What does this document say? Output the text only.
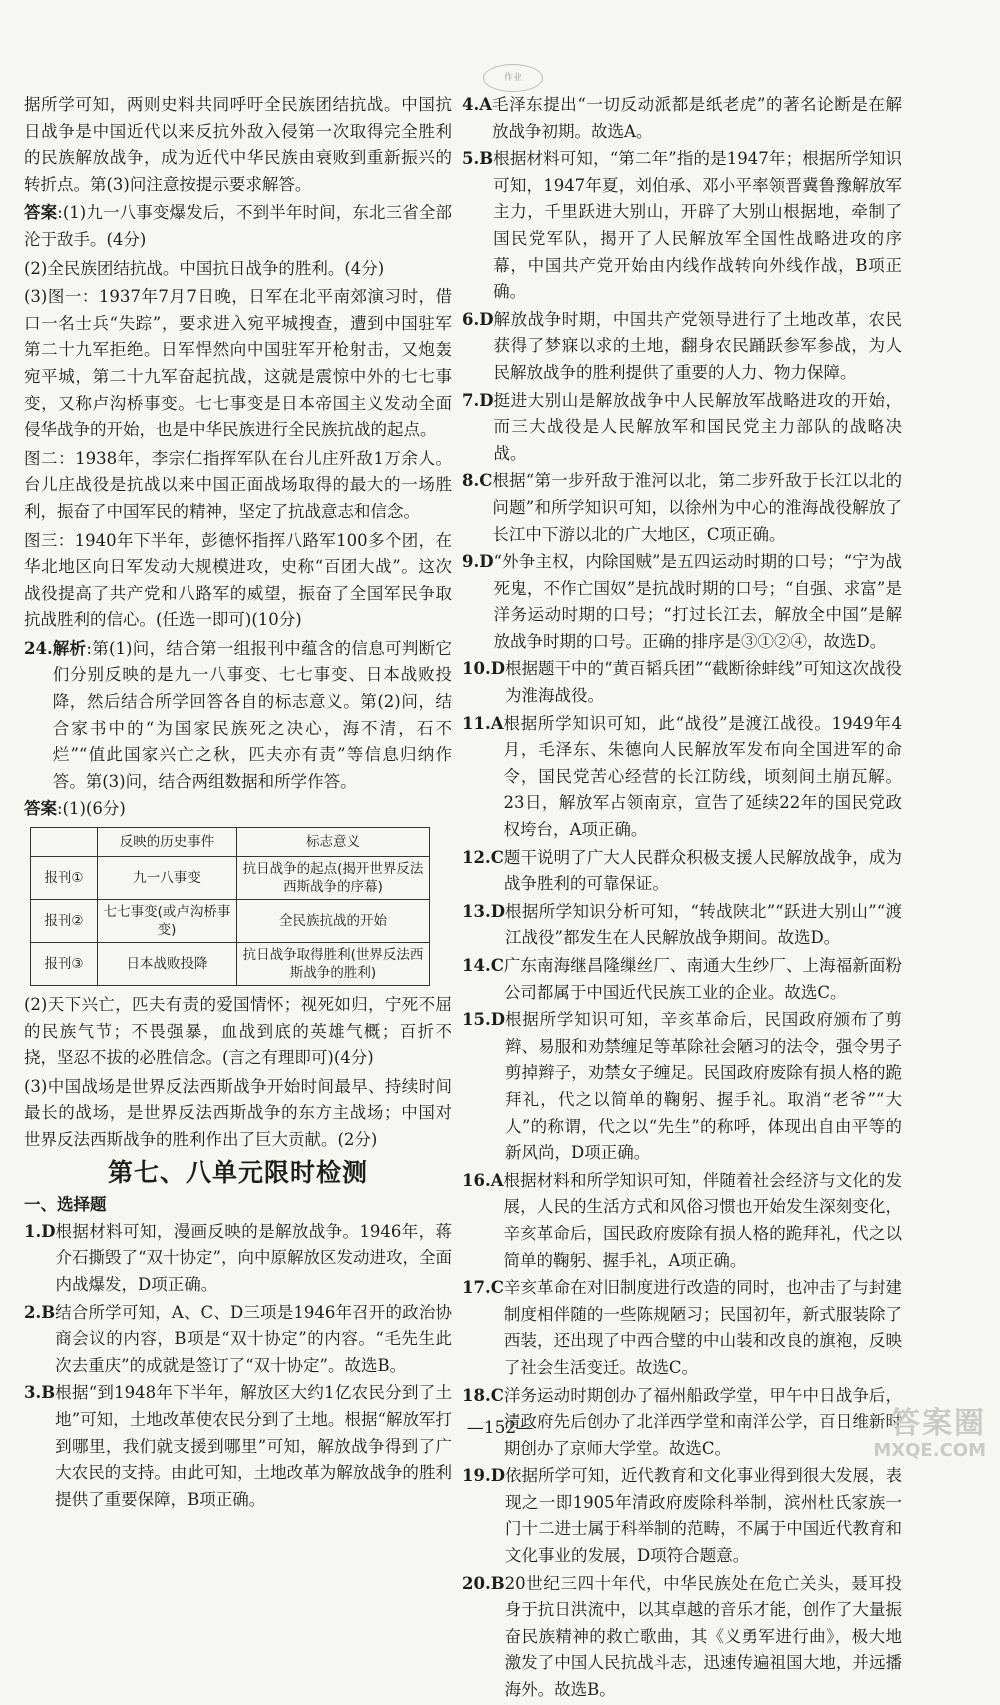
作业

据所学可知，两则史料共同呼吁全民族团结抗战。中国抗日战争是中国近代以来反抗外敌入侵第一次取得完全胜利的民族解放战争，成为近代中华民族由衰败到重新振兴的转折点。第(3)问注意按提示要求解答。

答案:(1)九一八事变爆发后，不到半年时间，东北三省全部沦于敌手。(4分)

(2)全民族团结抗战。中国抗日战争的胜利。(4分)

(3)图一：1937年7月7日晚，日军在北平南郊演习时，借口一名士兵“失踪”，要求进入宛平城搜查，遭到中国驻军第二十九军拒绝。日军悍然向中国驻军开枪射击，又炮轰宛平城，第二十九军奋起抗战，这就是震惊中外的七七事变，又称卢沟桥事变。七七事变是日本帝国主义发动全面侵华战争的开始，也是中华民族进行全民族抗战的起点。

图二：1938年，李宗仁指挥军队在台儿庄歼敌1万余人。台儿庄战役是抗战以来中国正面战场取得的最大的一场胜利，振奋了中国军民的精神，坚定了抗战意志和信念。

图三：1940年下半年，彭德怀指挥八路军100多个团，在华北地区向日军发动大规模进攻，史称“百团大战”。这次战役提高了共产党和八路军的威望，振奋了全国军民争取抗战胜利的信心。(任选一即可)(10分)

24. 解析:第(1)问，结合第一组报刊中蕴含的信息可判断它们分别反映的是九一八事变、七七事变、日本战败投降，然后结合所学回答各自的标志意义。第(2)问，结合家书中的“为国家民族死之决心，海不清，石不烂”“值此国家兴亡之秋，匹夫亦有责”等信息归纳作答。第(3)问，结合两组数据和所学作答。

答案:(1)(6分)

	反映的历史事件	标志意义
报刊①	九一八事变	抗日战争的起点(揭开世界反法西斯战争的序幕)
报刊②	七七事变(或卢沟桥事变)	全民族抗战的开始
报刊③	日本战败投降	抗日战争取得胜利(世界反法西斯战争的胜利)

(2)天下兴亡，匹夫有责的爱国情怀；视死如归，宁死不屈的民族气节；不畏强暴，血战到底的英雄气概；百折不挠，坚忍不拔的必胜信念。(言之有理即可)(4分)

(3)中国战场是世界反法西斯战争开始时间最早、持续时间最长的战场，是世界反法西斯战争的东方主战场；中国对世界反法西斯战争的胜利作出了巨大贡献。(2分)

第七、八单元限时检测

一、选择题

1.D 根据材料可知，漫画反映的是解放战争。1946年，蒋介石撕毁了“双十协定”，向中原解放区发动进攻，全面内战爆发，D项正确。
2.B 结合所学可知，A、C、D三项是1946年召开的政治协商会议的内容，B项是“双十协定”的内容。“毛先生此次去重庆”的成就是签订了“双十协定”。故选B。
3.B 根据“到1948年下半年，解放区大约1亿农民分到了土地”可知，土地改革使农民分到了土地。根据“解放军打到哪里，我们就支援到哪里”可知，解放战争得到了广大农民的支持。由此可知，土地改革为解放战争的胜利提供了重要保障，B项正确。
4.A 毛泽东提出“一切反动派都是纸老虎”的著名论断是在解放战争初期。故选A。
5.B 根据材料可知，“第二年”指的是1947年；根据所学知识可知，1947年夏，刘伯承、邓小平率领晋冀鲁豫解放军主力，千里跃进大别山，开辟了大别山根据地，牵制了国民党军队，揭开了人民解放军全国性战略进攻的序幕，中国共产党开始由内线作战转向外线作战，B项正确。
6.D 解放战争时期，中国共产党领导进行了土地改革，农民获得了梦寐以求的土地，翻身农民踊跃参军参战，为人民解放战争的胜利提供了重要的人力、物力保障。
7.D 挺进大别山是解放战争中人民解放军战略进攻的开始，而三大战役是人民解放军和国民党主力部队的战略决战。
8.C 根据“第一步歼敌于淮河以北，第二步歼敌于长江以北的问题”和所学知识可知，以徐州为中心的淮海战役解放了长江中下游以北的广大地区，C项正确。
9.D “外争主权，内除国贼”是五四运动时期的口号；“宁为战死鬼，不作亡国奴”是抗战时期的口号；“自强、求富”是洋务运动时期的口号；“打过长江去，解放全中国”是解放战争时期的口号。正确的排序是③①②④，故选D。
10.D 根据题干中的“黄百韬兵团”“截断徐蚌线”可知这次战役为淮海战役。
11.A 根据所学知识可知，此“战役”是渡江战役。1949年4月，毛泽东、朱德向人民解放军发布向全国进军的命令，国民党苦心经营的长江防线，顷刻间土崩瓦解。23日，解放军占领南京，宣告了延续22年的国民党政权垮台，A项正确。
12.C 题干说明了广大人民群众积极支援人民解放战争，成为战争胜利的可靠保证。
13.D 根据所学知识分析可知，“转战陕北”“跃进大别山”“渡江战役”都发生在人民解放战争期间。故选D。
14.C 广东南海继昌隆缫丝厂、南通大生纱厂、上海福新面粉公司都属于中国近代民族工业的企业。故选C。
15.D 根据所学知识可知，辛亥革命后，民国政府颁布了剪辫、易服和劝禁缠足等革除社会陋习的法令，强令男子剪掉辫子，劝禁女子缠足。民国政府废除有损人格的跪拜礼，代之以简单的鞠躬、握手礼。取消“老爷”“大人”的称谓，代之以“先生”的称呼，体现出自由平等的新风尚，D项正确。
16.A 根据材料和所学知识可知，伴随着社会经济与文化的发展，人民的生活方式和风俗习惯也开始发生深刻变化，辛亥革命后，国民政府废除有损人格的跪拜礼，代之以简单的鞠躬、握手礼，A项正确。
17.C 辛亥革命在对旧制度进行改造的同时，也冲击了与封建制度相伴随的一些陈规陋习；民国初年，新式服装除了西装，还出现了中西合璧的中山装和改良的旗袍，反映了社会生活变迁。故选C。
18.C 洋务运动时期创办了福州船政学堂，甲午中日战争后，清政府先后创办了北洋西学堂和南洋公学，百日维新时期创办了京师大学堂。故选C。
19.D 依据所学可知，近代教育和文化事业得到很大发展，表现之一即1905年清政府废除科举制，滨州杜氏家族一门十二进士属于科举制的范畴，不属于中国近代教育和文化事业的发展，D项符合题意。
20.B 20世纪三四十年代，中华民族处在危亡关头，聂耳投身于抗日洪流中，以其卓越的音乐才能，创作了大量振奋民族精神的救亡歌曲，其《义勇军进行曲》，极大地激发了中国人民抗战斗志，迅速传遍祖国大地，并远播海外。故选B。
—152—	答案圈
MXQE.COM
